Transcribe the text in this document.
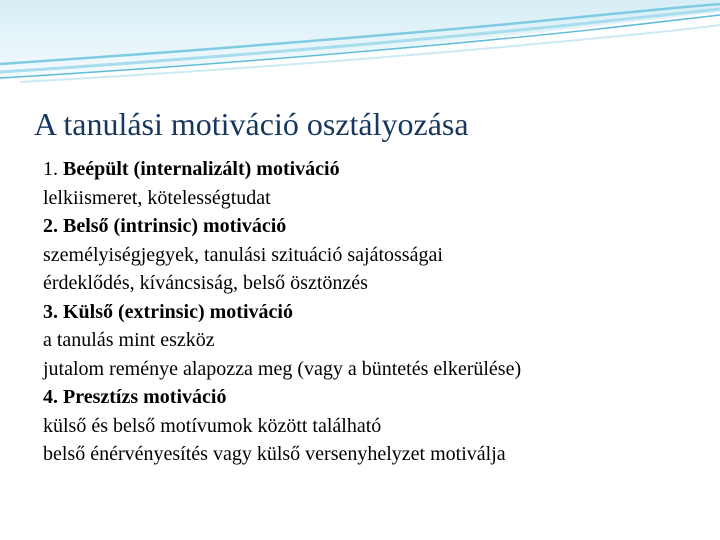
A tanulási motiváció osztályozása
1. Beépült (internalizált) motiváció
lelkiismeret, kötelességtudat
2. Belső (intrinsic) motiváció
személyiségjegyek, tanulási szituáció sajátosságai
érdeklődés, kíváncsiság, belső ösztönzés
3. Külső (extrinsic) motiváció
a tanulás mint eszköz
jutalom reménye alapozza meg (vagy a büntetés elkerülése)
4. Presztízs motiváció
külső és belső motívumok között található
belső énérvényesítés vagy külső versenyhelyzet motiválja
